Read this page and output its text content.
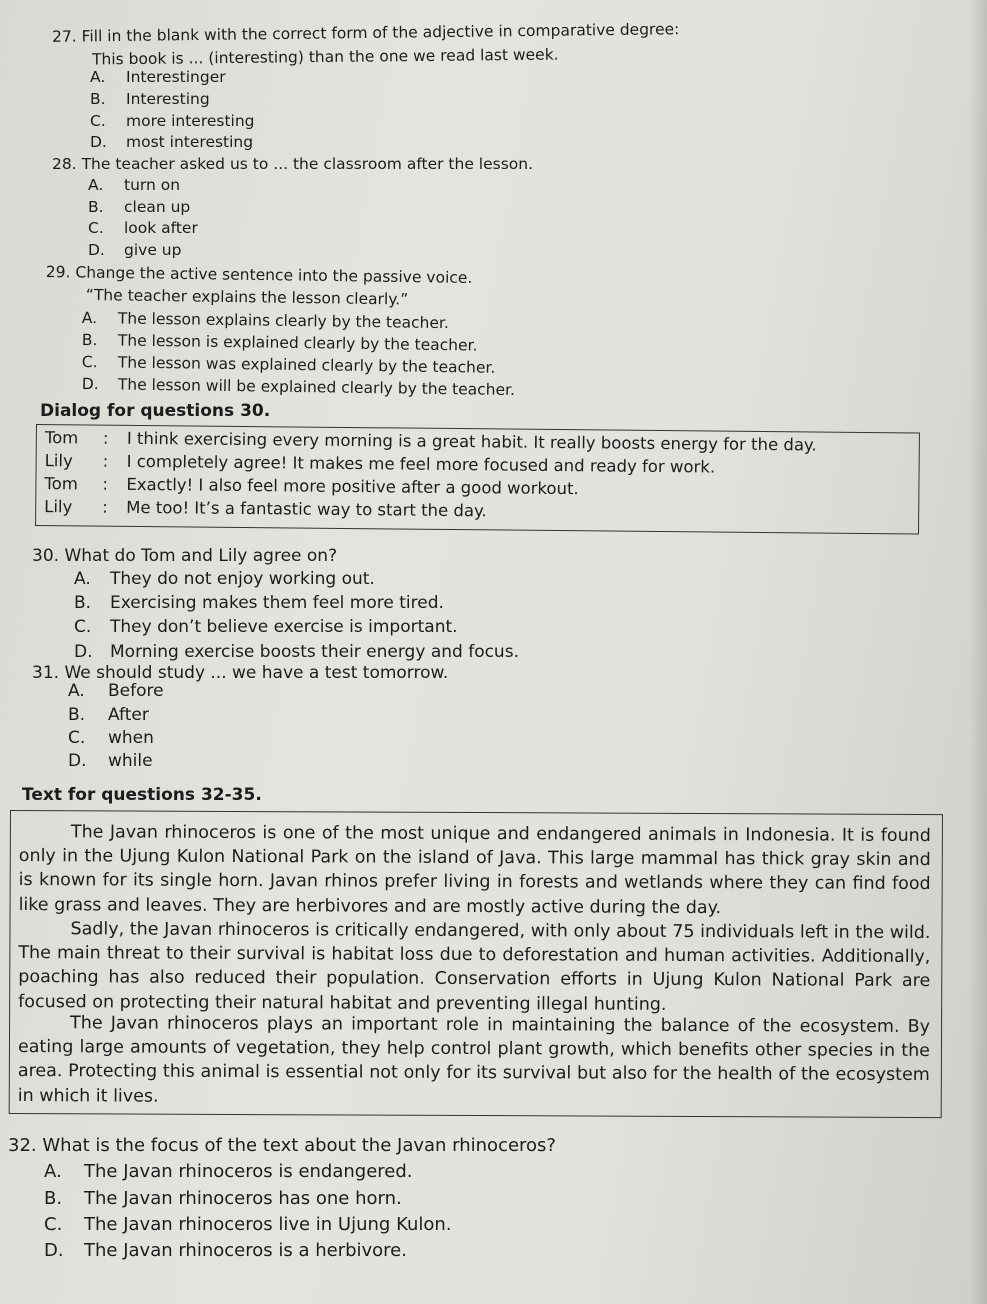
27. Fill in the blank with the correct form of the adjective in comparative degree:
This book is ... (interesting) than the one we read last week.
A. Interestinger
B. Interesting
C. more interesting
D. most interesting
28. The teacher asked us to ... the classroom after the lesson.
A. turn on
B. clean up
C. look after
D. give up
29. Change the active sentence into the passive voice.
“The teacher explains the lesson clearly.”
A. The lesson explains clearly by the teacher.
B. The lesson is explained clearly by the teacher.
C. The lesson was explained clearly by the teacher.
D. The lesson will be explained clearly by the teacher.
Dialog for questions 30.
Tom : I think exercising every morning is a great habit. It really boosts energy for the day.
Lily : I completely agree! It makes me feel more focused and ready for work.
Tom : Exactly! I also feel more positive after a good workout.
Lily : Me too! It’s a fantastic way to start the day.
30. What do Tom and Lily agree on?
A. They do not enjoy working out.
B. Exercising makes them feel more tired.
C. They don’t believe exercise is important.
D. Morning exercise boosts their energy and focus.
31. We should study ... we have a test tomorrow.
A. Before
B. After
C. when
D. while
Text for questions 32-35.
The Javan rhinoceros is one of the most unique and endangered animals in Indonesia. It is found only in the Ujung Kulon National Park on the island of Java. This large mammal has thick gray skin and is known for its single horn. Javan rhinos prefer living in forests and wetlands where they can find food like grass and leaves. They are herbivores and are mostly active during the day.
Sadly, the Javan rhinoceros is critically endangered, with only about 75 individuals left in the wild. The main threat to their survival is habitat loss due to deforestation and human activities. Additionally, poaching has also reduced their population. Conservation efforts in Ujung Kulon National Park are focused on protecting their natural habitat and preventing illegal hunting.
The Javan rhinoceros plays an important role in maintaining the balance of the ecosystem. By eating large amounts of vegetation, they help control plant growth, which benefits other species in the area. Protecting this animal is essential not only for its survival but also for the health of the ecosystem in which it lives.
32. What is the focus of the text about the Javan rhinoceros?
A. The Javan rhinoceros is endangered.
B. The Javan rhinoceros has one horn.
C. The Javan rhinoceros live in Ujung Kulon.
D. The Javan rhinoceros is a herbivore.
